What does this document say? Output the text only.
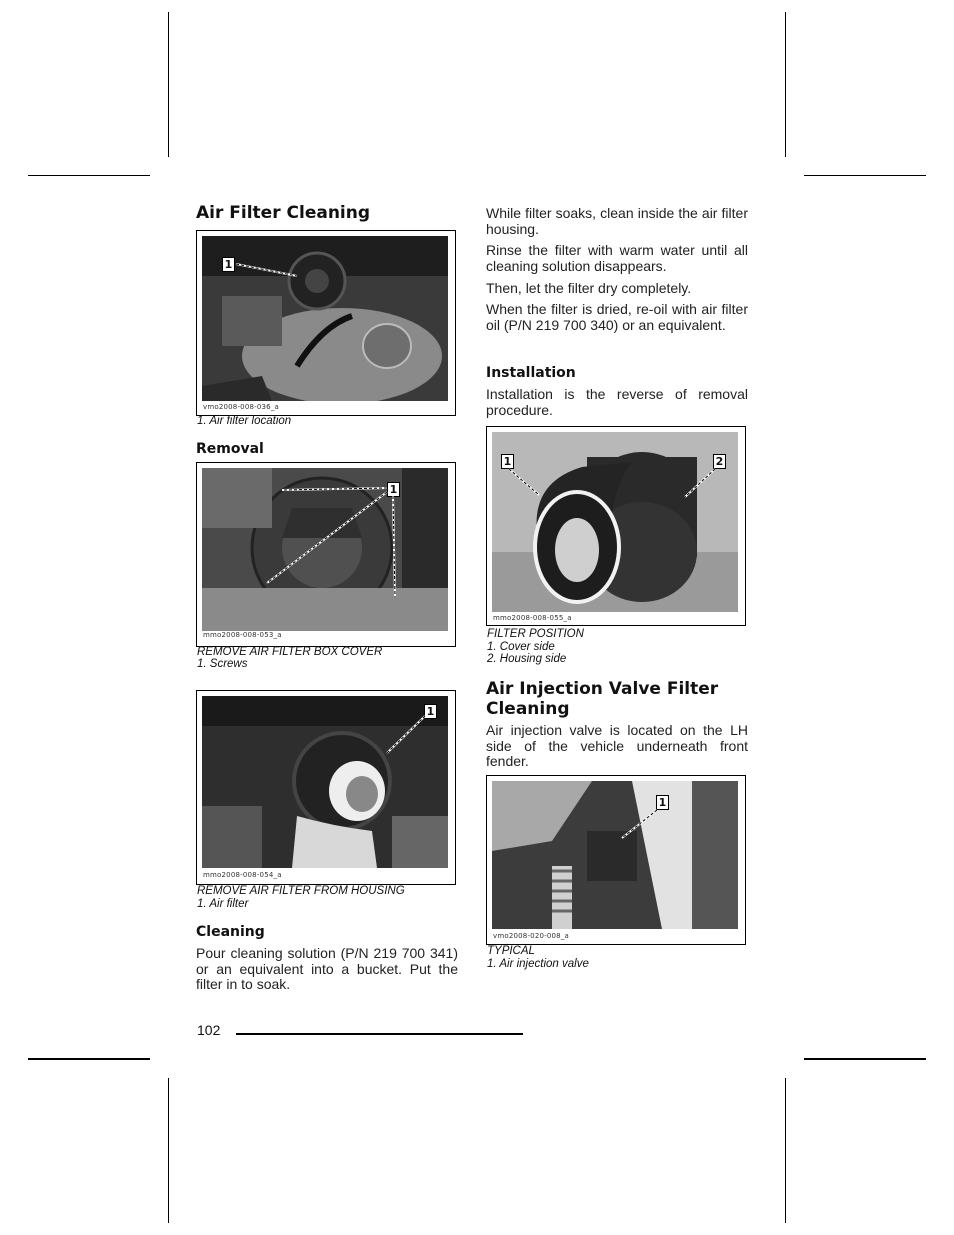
Air Filter Cleaning
1
vmo2008-008-036_a
1. Air filter location
Removal
1
mmo2008-008-053_a
REMOVE AIR FILTER BOX COVER
1. Screws
1
mmo2008-008-054_a
REMOVE AIR FILTER FROM HOUSING
1. Air filter
Cleaning

Pour cleaning solution (P/N 219 700 341) or an equivalent into a bucket. Put the filter in to soak.

While filter soaks, clean inside the air filter housing.

Rinse the filter with warm water until all cleaning solution disappears.

Then, let the filter dry completely.

When the filter is dried, re-oil with air filter oil (P/N 219 700 340) or an equivalent.

Installation

Installation is the reverse of removal procedure.

1	2
mmo2008-008-055_a
FILTER POSITION
1. Cover side
2. Housing side
Air Injection Valve Filter Cleaning

Air injection valve is located on the LH side of the vehicle underneath front fender.

1
vmo2008-020-008_a
TYPICAL
1. Air injection valve
102
